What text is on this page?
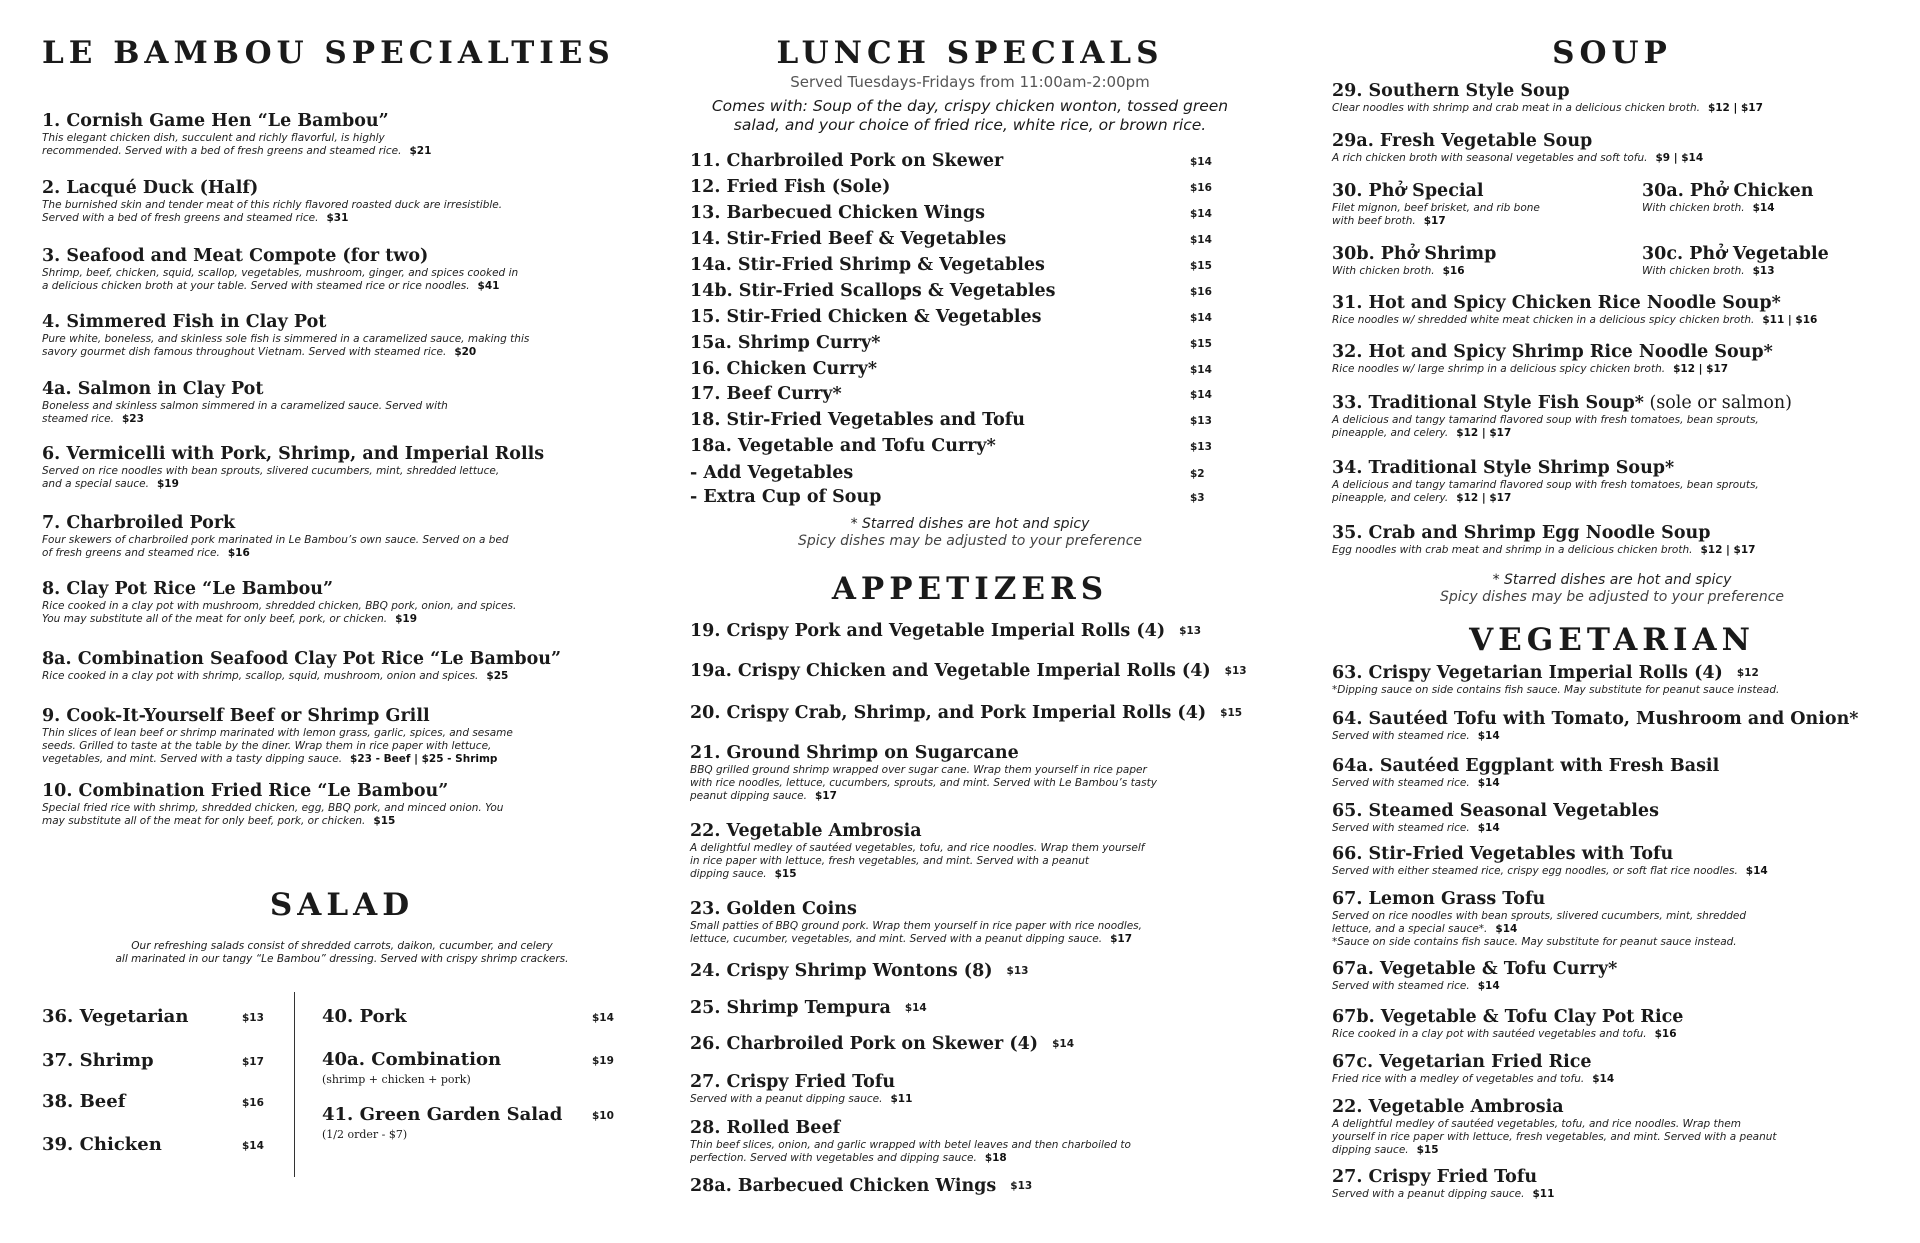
LE BAMBOU SPECIALTIES
1. Cornish Game Hen “Le Bambou”
This elegant chicken dish, succulent and richly flavorful, is highly
recommended. Served with a bed of fresh greens and steamed rice. $21
2. Lacqué Duck (Half)
The burnished skin and tender meat of this richly flavored roasted duck are irresistible.
Served with a bed of fresh greens and steamed rice. $31
3. Seafood and Meat Compote (for two)
Shrimp, beef, chicken, squid, scallop, vegetables, mushroom, ginger, and spices cooked in
a delicious chicken broth at your table. Served with steamed rice or rice noodles. $41
4. Simmered Fish in Clay Pot
Pure white, boneless, and skinless sole fish is simmered in a caramelized sauce, making this
savory gourmet dish famous throughout Vietnam. Served with steamed rice. $20
4a. Salmon in Clay Pot
Boneless and skinless salmon simmered in a caramelized sauce. Served with
steamed rice. $23
6. Vermicelli with Pork, Shrimp, and Imperial Rolls
Served on rice noodles with bean sprouts, slivered cucumbers, mint, shredded lettuce,
and a special sauce. $19
7. Charbroiled Pork
Four skewers of charbroiled pork marinated in Le Bambou’s own sauce. Served on a bed
of fresh greens and steamed rice. $16
8. Clay Pot Rice “Le Bambou”
Rice cooked in a clay pot with mushroom, shredded chicken, BBQ pork, onion, and spices.
You may substitute all of the meat for only beef, pork, or chicken. $19
8a. Combination Seafood Clay Pot Rice “Le Bambou”
Rice cooked in a clay pot with shrimp, scallop, squid, mushroom, onion and spices. $25
9. Cook-It-Yourself Beef or Shrimp Grill
Thin slices of lean beef or shrimp marinated with lemon grass, garlic, spices, and sesame
seeds. Grilled to taste at the table by the diner. Wrap them in rice paper with lettuce,
vegetables, and mint. Served with a tasty dipping sauce. $23 - Beef | $25 - Shrimp
10. Combination Fried Rice “Le Bambou”
Special fried rice with shrimp, shredded chicken, egg, BBQ pork, and minced onion. You
may substitute all of the meat for only beef, pork, or chicken. $15
SALAD
Our refreshing salads consist of shredded carrots, daikon, cucumber, and celery
all marinated in our tangy “Le Bambou” dressing. Served with crispy shrimp crackers.
36. Vegetarian	$13
37. Shrimp	$17
38. Beef	$16
39. Chicken	$14
40. Pork	$14
40a. Combination
(shrimp + chicken + pork)
$19
41. Green Garden Salad
(1/2 order - $7)
$10
LUNCH SPECIALS
Served Tuesdays-Fridays from 11:00am-2:00pm
Comes with: Soup of the day, crispy chicken wonton, tossed green
salad, and your choice of fried rice, white rice, or brown rice.
11. Charbroiled Pork on Skewer	$14
12. Fried Fish (Sole)	$16
13. Barbecued Chicken Wings	$14
14. Stir-Fried Beef & Vegetables	$14
14a. Stir-Fried Shrimp & Vegetables	$15
14b. Stir-Fried Scallops & Vegetables	$16
15. Stir-Fried Chicken & Vegetables	$14
15a. Shrimp Curry*	$15
16. Chicken Curry*	$14
17. Beef Curry*	$14
18. Stir-Fried Vegetables and Tofu	$13
18a. Vegetable and Tofu Curry*	$13
- Add Vegetables	$2
- Extra Cup of Soup	$3
* Starred dishes are hot and spicy
Spicy dishes may be adjusted to your preference
APPETIZERS
19. Crispy Pork and Vegetable Imperial Rolls (4) $13
19a. Crispy Chicken and Vegetable Imperial Rolls (4) $13
20. Crispy Crab, Shrimp, and Pork Imperial Rolls (4) $15
21. Ground Shrimp on Sugarcane
BBQ grilled ground shrimp wrapped over sugar cane. Wrap them yourself in rice paper
with rice noodles, lettuce, cucumbers, sprouts, and mint. Served with Le Bambou’s tasty
peanut dipping sauce. $17
22. Vegetable Ambrosia
A delightful medley of sautéed vegetables, tofu, and rice noodles. Wrap them yourself
in rice paper with lettuce, fresh vegetables, and mint. Served with a peanut
dipping sauce. $15
23. Golden Coins
Small patties of BBQ ground pork. Wrap them yourself in rice paper with rice noodles,
lettuce, cucumber, vegetables, and mint. Served with a peanut dipping sauce. $17
24. Crispy Shrimp Wontons (8) $13
25. Shrimp Tempura $14
26. Charbroiled Pork on Skewer (4) $14
27. Crispy Fried Tofu
Served with a peanut dipping sauce. $11
28. Rolled Beef
Thin beef slices, onion, and garlic wrapped with betel leaves and then charboiled to
perfection. Served with vegetables and dipping sauce. $18
28a. Barbecued Chicken Wings $13
SOUP
29. Southern Style Soup
Clear noodles with shrimp and crab meat in a delicious chicken broth. $12 | $17
29a. Fresh Vegetable Soup
A rich chicken broth with seasonal vegetables and soft tofu. $9 | $14
31. Hot and Spicy Chicken Rice Noodle Soup*
Rice noodles w/ shredded white meat chicken in a delicious spicy chicken broth. $11 | $16
32. Hot and Spicy Shrimp Rice Noodle Soup*
Rice noodles w/ large shrimp in a delicious spicy chicken broth. $12 | $17
33. Traditional Style Fish Soup* (sole or salmon)
A delicious and tangy tamarind flavored soup with fresh tomatoes, bean sprouts,
pineapple, and celery. $12 | $17
34. Traditional Style Shrimp Soup*
A delicious and tangy tamarind flavored soup with fresh tomatoes, bean sprouts,
pineapple, and celery. $12 | $17
35. Crab and Shrimp Egg Noodle Soup
Egg noodles with crab meat and shrimp in a delicious chicken broth. $12 | $17
30. Phở Special
Filet mignon, beef brisket, and rib bone
with beef broth. $17
30a. Phở Chicken
With chicken broth. $14
30b. Phở Shrimp
With chicken broth. $16
30c. Phở Vegetable
With chicken broth. $13
* Starred dishes are hot and spicy
Spicy dishes may be adjusted to your preference
VEGETARIAN
63. Crispy Vegetarian Imperial Rolls (4) $12
*Dipping sauce on side contains fish sauce. May substitute for peanut sauce instead.
64. Sautéed Tofu with Tomato, Mushroom and Onion*
Served with steamed rice. $14
64a. Sautéed Eggplant with Fresh Basil
Served with steamed rice. $14
65. Steamed Seasonal Vegetables
Served with steamed rice. $14
66. Stir-Fried Vegetables with Tofu
Served with either steamed rice, crispy egg noodles, or soft flat rice noodles. $14
67. Lemon Grass Tofu
Served on rice noodles with bean sprouts, slivered cucumbers, mint, shredded
lettuce, and a special sauce*. $14
*Sauce on side contains fish sauce. May substitute for peanut sauce instead.
67a. Vegetable & Tofu Curry*
Served with steamed rice. $14
67b. Vegetable & Tofu Clay Pot Rice
Rice cooked in a clay pot with sautéed vegetables and tofu. $16
67c. Vegetarian Fried Rice
Fried rice with a medley of vegetables and tofu. $14
22. Vegetable Ambrosia
A delightful medley of sautéed vegetables, tofu, and rice noodles. Wrap them
yourself in rice paper with lettuce, fresh vegetables, and mint. Served with a peanut
dipping sauce. $15
27. Crispy Fried Tofu
Served with a peanut dipping sauce. $11
